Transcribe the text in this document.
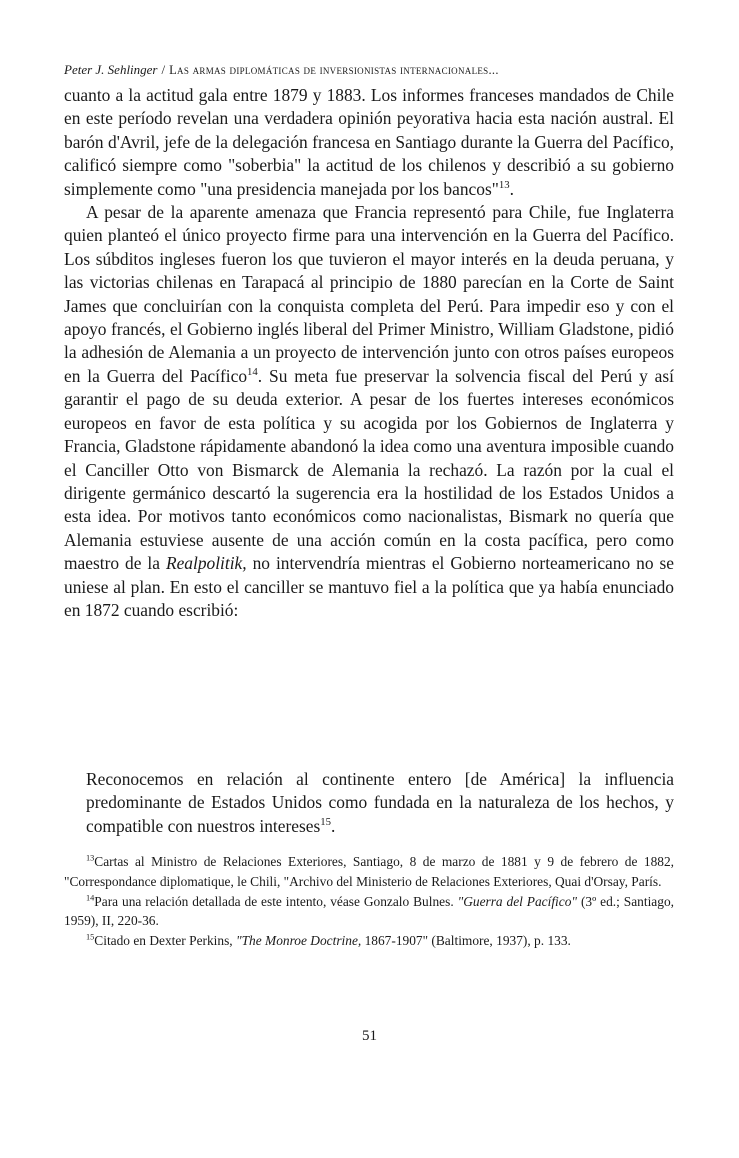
Peter J. Sehlinger / Las armas diplomáticas de inversionistas internacionales...

cuanto a la actitud gala entre 1879 y 1883. Los informes franceses mandados de Chile en este período revelan una verdadera opinión peyorativa hacia esta nación austral. El barón d'Avril, jefe de la delegación francesa en Santiago durante la Guerra del Pacífico, calificó siempre como "soberbia" la actitud de los chilenos y describió a su gobierno simplemente como "una presidencia manejada por los bancos"$^{13}$.

A pesar de la aparente amenaza que Francia representó para Chile, fue Inglaterra quien planteó el único proyecto firme para una intervención en la Guerra del Pacífico. Los súbditos ingleses fueron los que tuvieron el mayor interés en la deuda peruana, y las victorias chilenas en Tarapacá al principio de 1880 parecían en la Corte de Saint James que concluirían con la conquista completa del Perú. Para impedir eso y con el apoyo francés, el Gobierno inglés liberal del Primer Ministro, William Gladstone, pidió la adhesión de Alemania a un proyecto de intervención junto con otros países europeos en la Guerra del Pacífico$^{14}$. Su meta fue preservar la solvencia fiscal del Perú y así garantir el pago de su deuda exterior. A pesar de los fuertes intereses económicos europeos en favor de esta política y su acogida por los Gobiernos de Inglaterra y Francia, Gladstone rápidamente abandonó la idea como una aventura imposible cuando el Canciller Otto von Bismarck de Alemania la rechazó. La razón por la cual el dirigente germánico descartó la sugerencia era la hostilidad de los Estados Unidos a esta idea. Por motivos tanto económicos como nacionalistas, Bismark no quería que Alemania estuviese ausente de una acción común en la costa pacífica, pero como maestro de la Realpolitik, no intervendría mientras el Gobierno norteamericano no se uniese al plan. En esto el canciller se mantuvo fiel a la política que ya había enunciado en 1872 cuando escribió:

Reconocemos en relación al continente entero [de América] la influencia predominante de Estados Unidos como fundada en la naturaleza de los hechos, y compatible con nuestros intereses$^{15}$.

$^{13}$Cartas al Ministro de Relaciones Exteriores, Santiago, 8 de marzo de 1881 y 9 de febrero de 1882, "Correspondance diplomatique, le Chili, "Archivo del Ministerio de Relaciones Exteriores, Quai d'Orsay, París.

$^{14}$Para una relación detallada de este intento, véase Gonzalo Bulnes. "Guerra del Pacífico" (3º ed.; Santiago, 1959), II, 220-36.

$^{15}$Citado en Dexter Perkins, "The Monroe Doctrine, 1867-1907" (Baltimore, 1937), p. 133.

51
